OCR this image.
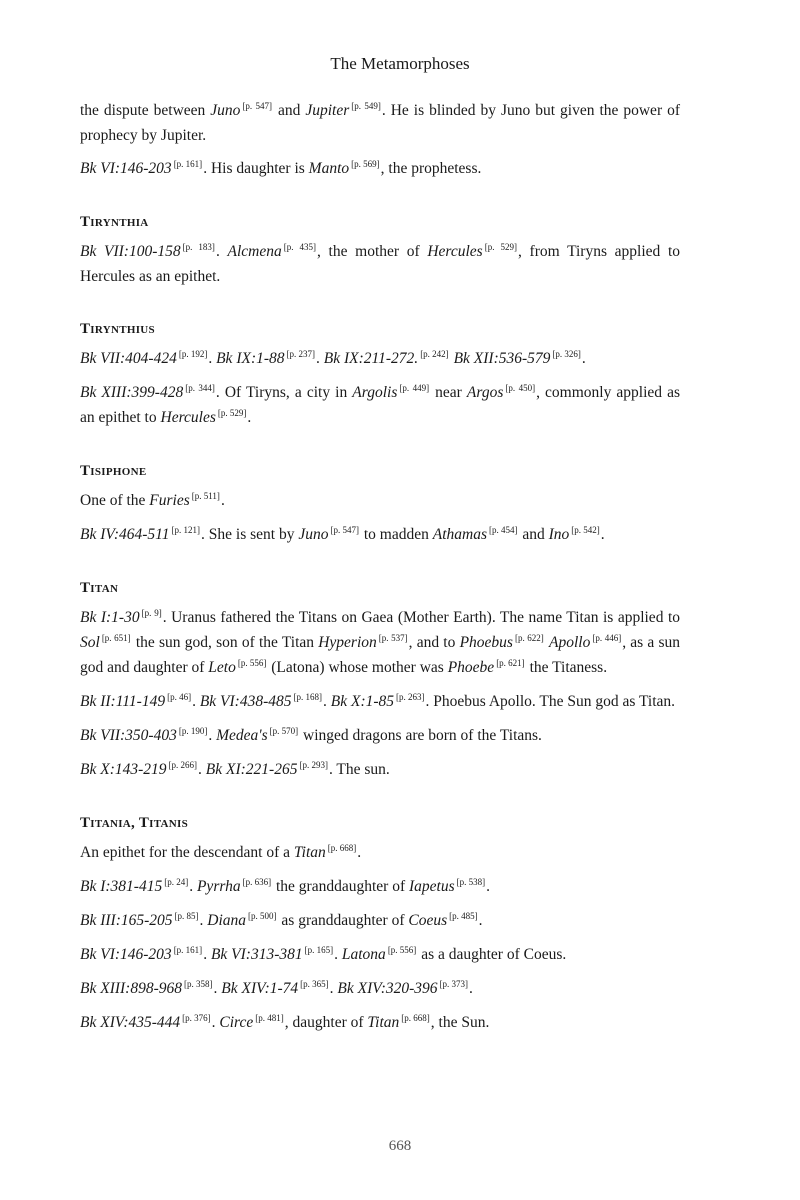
The Metamorphoses

the dispute between Juno [p. 547] and Jupiter [p. 549]. He is blinded by Juno but given the power of prophecy by Jupiter.

Bk VI:146-203 [p. 161]. His daughter is Manto [p. 569], the prophetess.

Tirynthia

Bk VII:100-158 [p. 183]. Alcmena [p. 435], the mother of Hercules [p. 529], from Tiryns applied to Hercules as an epithet.

Tirynthius

Bk VII:404-424 [p. 192]. Bk IX:1-88 [p. 237]. Bk IX:211-272. [p. 242] Bk XII:536-579 [p. 326].

Bk XIII:399-428 [p. 344]. Of Tiryns, a city in Argolis [p. 449] near Argos [p. 450], commonly applied as an epithet to Hercules [p. 529].

Tisiphone

One of the Furies [p. 511].

Bk IV:464-511 [p. 121]. She is sent by Juno [p. 547] to madden Athamas [p. 454] and Ino [p. 542].

Titan

Bk I:1-30 [p. 9]. Uranus fathered the Titans on Gaea (Mother Earth). The name Titan is applied to Sol [p. 651] the sun god, son of the Titan Hyperion [p. 537], and to Phoebus [p. 622] Apollo [p. 446], as a sun god and daughter of Leto [p. 556] (Latona) whose mother was Phoebe [p. 621] the Titaness.

Bk II:111-149 [p. 46]. Bk VI:438-485 [p. 168]. Bk X:1-85 [p. 263]. Phoebus Apollo. The Sun god as Titan.

Bk VII:350-403 [p. 190]. Medea's [p. 570] winged dragons are born of the Titans.

Bk X:143-219 [p. 266]. Bk XI:221-265 [p. 293]. The sun.

Titania, Titanis

An epithet for the descendant of a Titan [p. 668].

Bk I:381-415 [p. 24]. Pyrrha [p. 636] the granddaughter of Iapetus [p. 538].

Bk III:165-205 [p. 85]. Diana [p. 500] as granddaughter of Coeus [p. 485].

Bk VI:146-203 [p. 161]. Bk VI:313-381 [p. 165]. Latona [p. 556] as a daughter of Coeus.

Bk XIII:898-968 [p. 358]. Bk XIV:1-74 [p. 365]. Bk XIV:320-396 [p. 373].

Bk XIV:435-444 [p. 376]. Circe [p. 481], daughter of Titan [p. 668], the Sun.

668
